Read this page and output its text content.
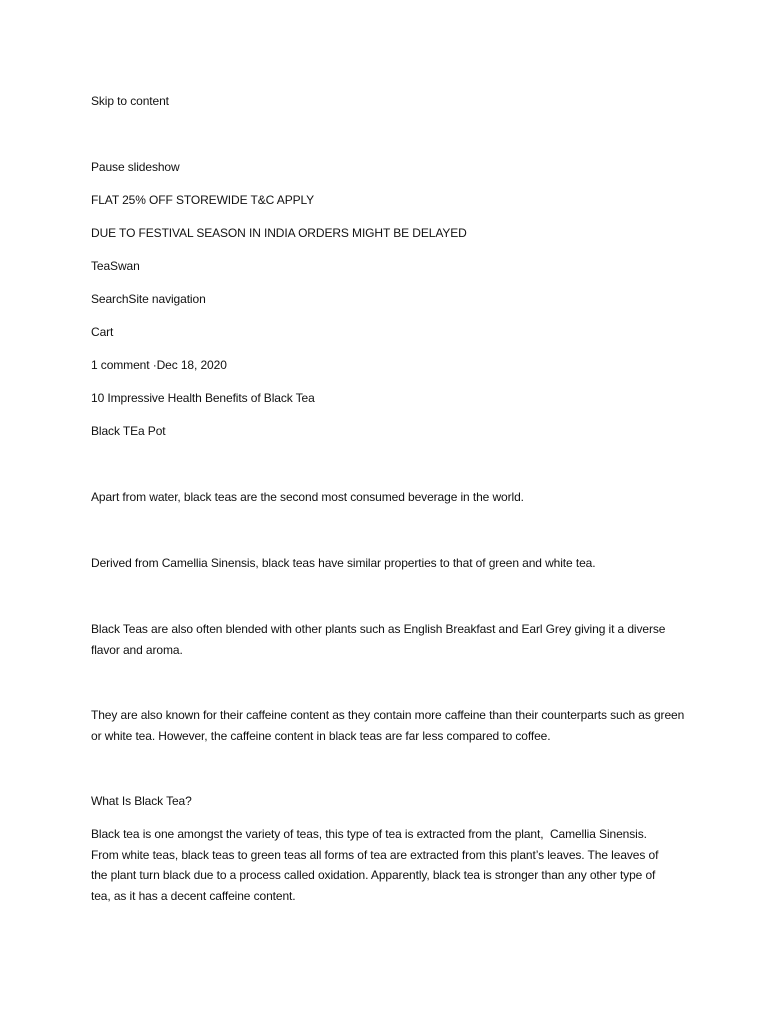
Skip to content

Pause slideshow

FLAT 25% OFF STOREWIDE T&C APPLY

DUE TO FESTIVAL SEASON IN INDIA ORDERS MIGHT BE DELAYED

TeaSwan

SearchSite navigation

Cart

1 comment ·Dec 18, 2020

10 Impressive Health Benefits of Black Tea

Black TEa Pot

Apart from water, black teas are the second most consumed beverage in the world.

Derived from Camellia Sinensis, black teas have similar properties to that of green and white tea.

Black Teas are also often blended with other plants such as English Breakfast and Earl Grey giving it a diverse flavor and aroma.

They are also known for their caffeine content as they contain more caffeine than their counterparts such as green or white tea. However, the caffeine content in black teas are far less compared to coffee.

What Is Black Tea?

Black tea is one amongst the variety of teas, this type of tea is extracted from the plant,  Camellia Sinensis. From white teas, black teas to green teas all forms of tea are extracted from this plant’s leaves. The leaves of the plant turn black due to a process called oxidation. Apparently, black tea is stronger than any other type of tea, as it has a decent caffeine content.
